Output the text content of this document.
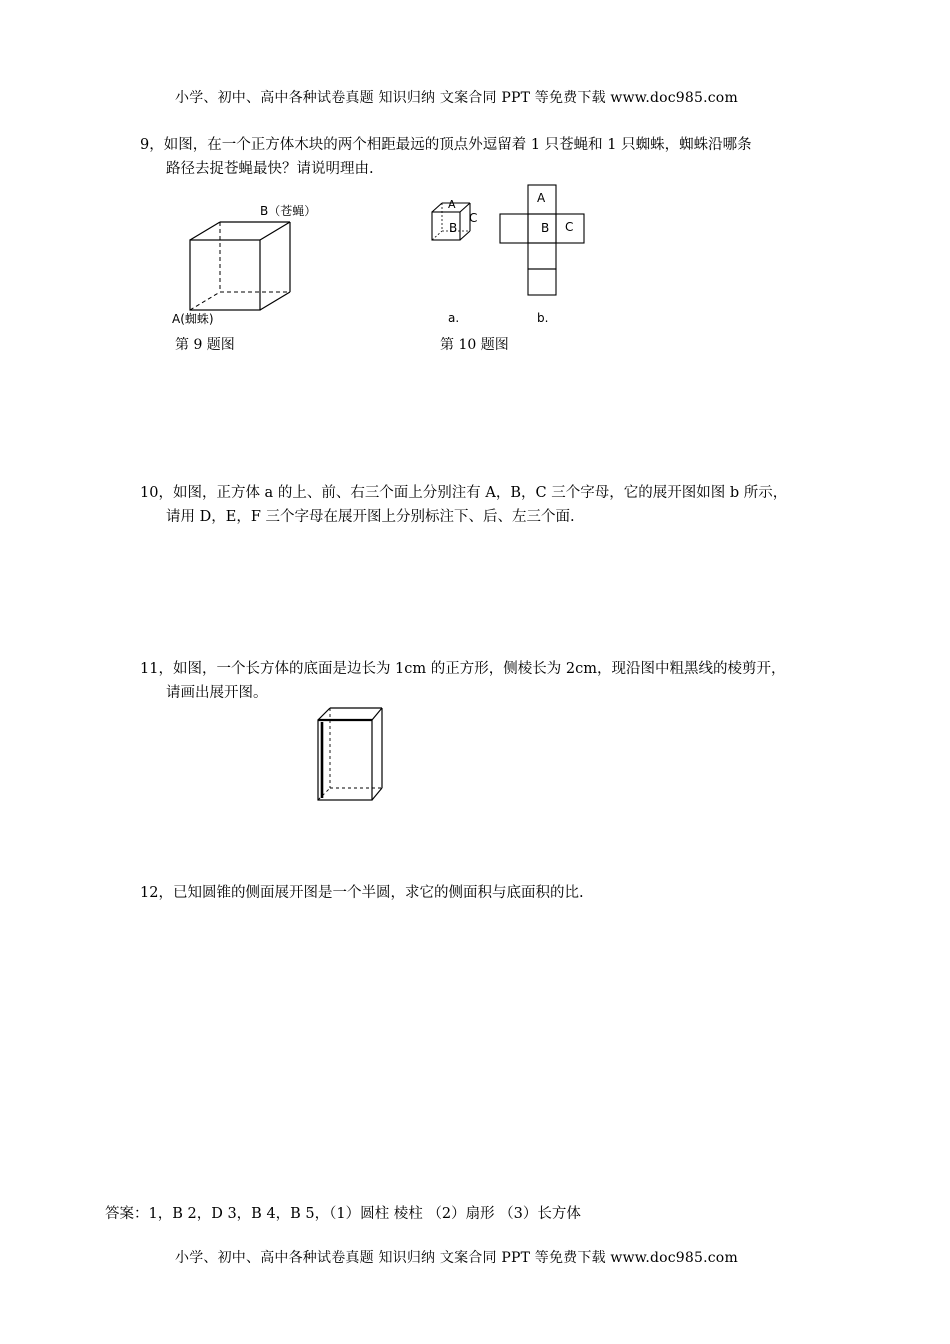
小学、初中、高中各种试卷真题 知识归纳 文案合同 PPT 等免费下载 www.doc985.com
9，如图，在一个正方体木块的两个相距最远的顶点外逗留着 1 只苍蝇和 1 只蜘蛛，蜘蛛沿哪条
路径去捉苍蝇最快？请说明理由.
B（苍蝇）
A(蜘蛛)
第 9 题图
A
B
C
A
B C
a.	b.
第 10 题图
10，如图，正方体 a 的上、前、右三个面上分别注有 A，B，C 三个字母，它的展开图如图 b 所示，
请用 D，E，F 三个字母在展开图上分别标注下、后、左三个面.
11，如图，一个长方体的底面是边长为 1cm 的正方形，侧棱长为 2cm，现沿图中粗黑线的棱剪开，
请画出展开图。
12，已知圆锥的侧面展开图是一个半圆，求它的侧面积与底面积的比.
答案：1，B 2，D 3，B 4，B 5，（1）圆柱 棱柱 （2）扇形 （3）长方体
小学、初中、高中各种试卷真题 知识归纳 文案合同 PPT 等免费下载 www.doc985.com
